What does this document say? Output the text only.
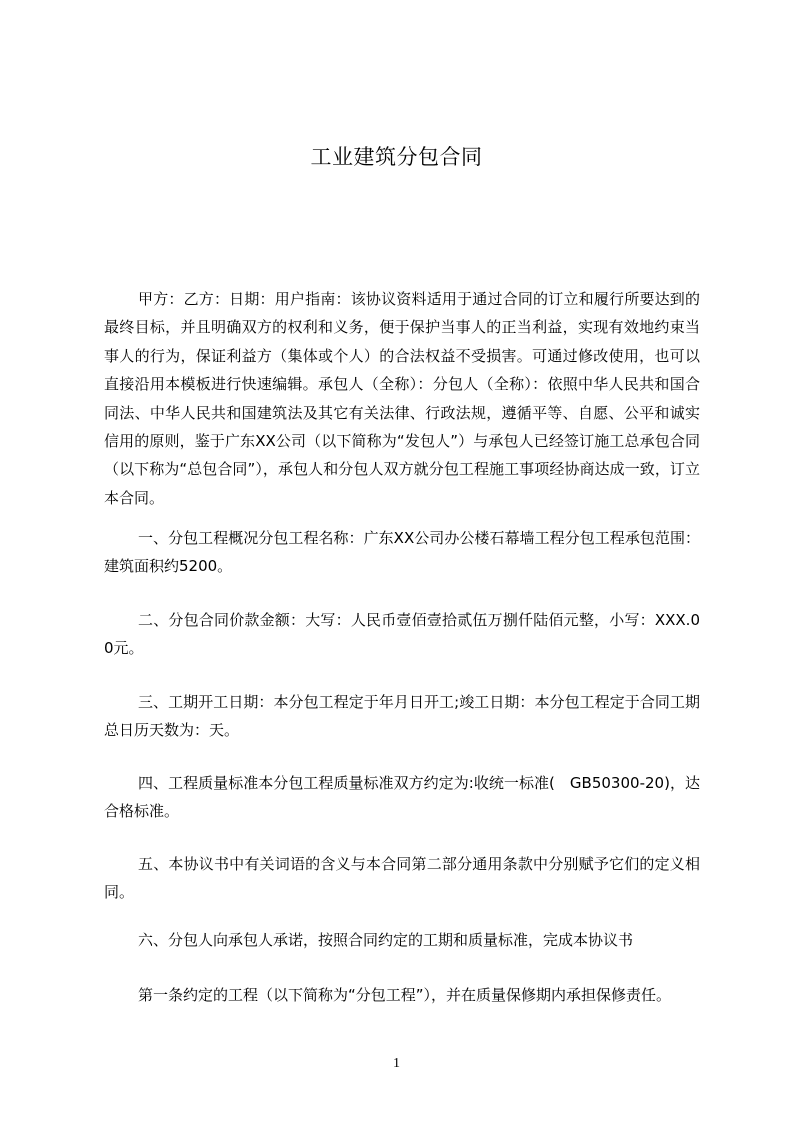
工业建筑分包合同

甲方：乙方：日期：用户指南：该协议资料适用于通过合同的订立和履行所要达到的最终目标，并且明确双方的权利和义务，便于保护当事人的正当利益，实现有效地约束当事人的行为，保证利益方（集体或个人）的合法权益不受损害。可通过修改使用，也可以直接沿用本模板进行快速编辑。承包人（全称）：分包人（全称）：依照中华人民共和国合同法、中华人民共和国建筑法及其它有关法律、行政法规，遵循平等、自愿、公平和诚实信用的原则，鉴于广东XX公司（以下简称为“发包人”）与承包人已经签订施工总承包合同（以下称为“总包合同”），承包人和分包人双方就分包工程施工事项经协商达成一致，订立本合同。

一、分包工程概况分包工程名称：广东XX公司办公楼石幕墙工程分包工程承包范围：建筑面积约5200。

二、分包合同价款金额：大写：人民币壹佰壹拾贰伍万捌仟陆佰元整，小写：XXX.00元。

三、工期开工日期：本分包工程定于年月日开工;竣工日期：本分包工程定于合同工期总日历天数为：天。

四、工程质量标准本分包工程质量标准双方约定为:收统一标准(　GB50300-20)，达合格标准。

五、本协议书中有关词语的含义与本合同第二部分通用条款中分别赋予它们的定义相同。

六、分包人向承包人承诺，按照合同约定的工期和质量标准，完成本协议书

第一条约定的工程（以下简称为“分包工程”），并在质量保修期内承担保修责任。

1
